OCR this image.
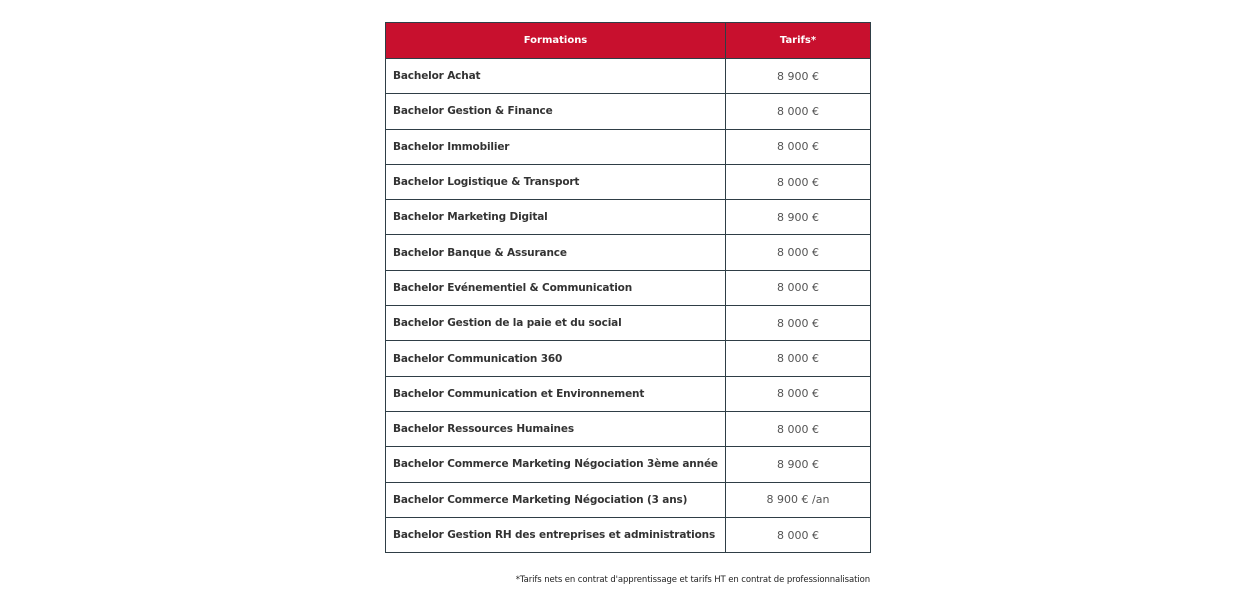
Formations	Tarifs*
Bachelor Achat	8 900 €
Bachelor Gestion & Finance	8 000 €
Bachelor Immobilier	8 000 €
Bachelor Logistique & Transport	8 000 €
Bachelor Marketing Digital	8 900 €
Bachelor Banque & Assurance	8 000 €
Bachelor Evénementiel & Communication	8 000 €
Bachelor Gestion de la paie et du social	8 000 €
Bachelor Communication 360	8 000 €
Bachelor Communication et Environnement	8 000 €
Bachelor Ressources Humaines	8 000 €
Bachelor Commerce Marketing Négociation 3ème année	8 900 €
Bachelor Commerce Marketing Négociation (3 ans)	8 900 € /an
Bachelor Gestion RH des entreprises et administrations	8 000 €
*Tarifs nets en contrat d'apprentissage et tarifs HT en contrat de professionnalisation
